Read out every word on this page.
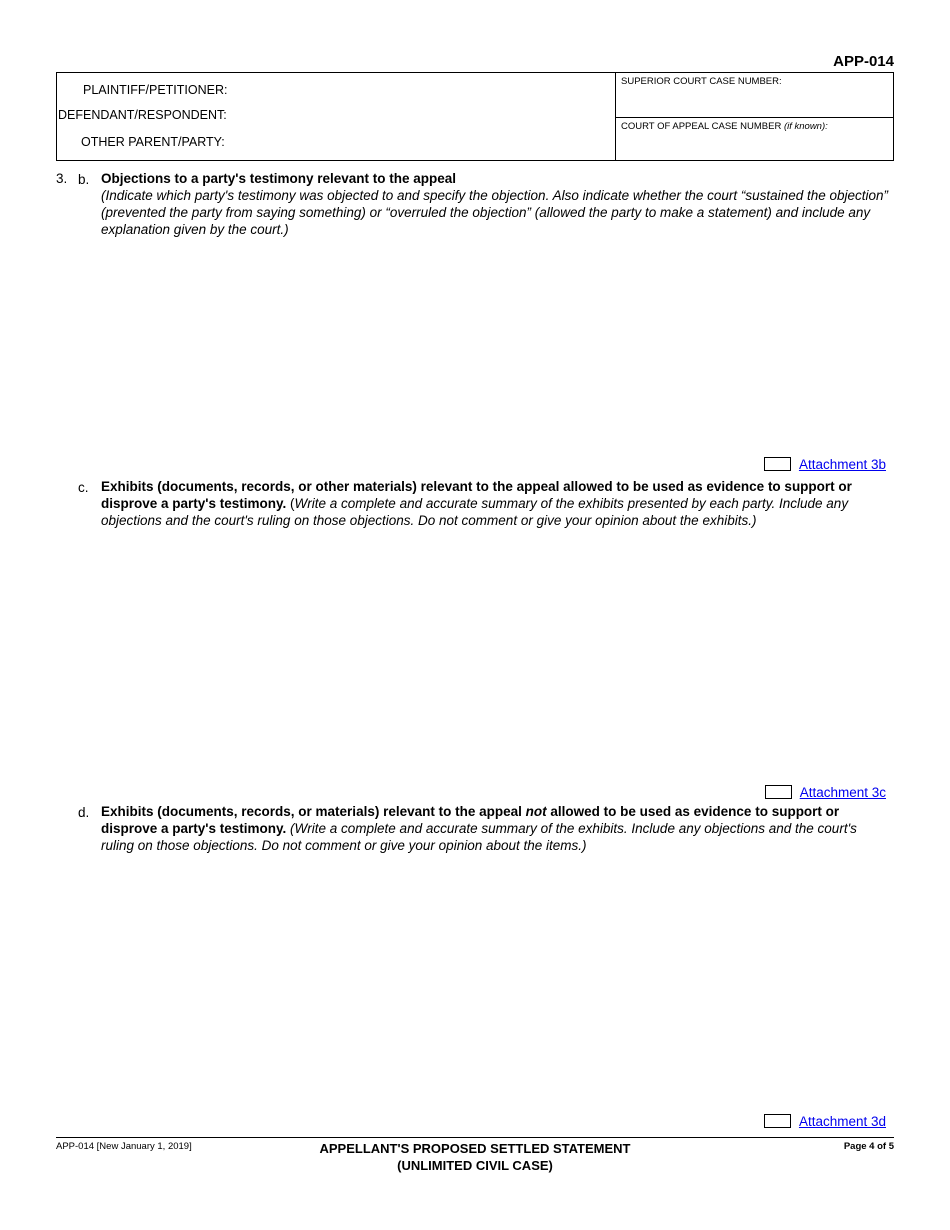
APP-014
PLAINTIFF/PETITIONER:
DEFENDANT/RESPONDENT:
OTHER PARENT/PARTY:
SUPERIOR COURT CASE NUMBER:
COURT OF APPEAL CASE NUMBER (if known):
3. b. Objections to a party's testimony relevant to the appeal
(Indicate which party's testimony was objected to and specify the objection. Also indicate whether the court “sustained the objection” (prevented the party from saying something) or “overruled the objection” (allowed the party to make a statement) and include any explanation given by the court.)
Attachment 3b
c. Exhibits (documents, records, or other materials) relevant to the appeal allowed to be used as evidence to support or disprove a party's testimony. (Write a complete and accurate summary of the exhibits presented by each party. Include any objections and the court's ruling on those objections. Do not comment or give your opinion about the exhibits.)
Attachment 3c
d. Exhibits (documents, records, or materials) relevant to the appeal not allowed to be used as evidence to support or disprove a party's testimony. (Write a complete and accurate summary of the exhibits. Include any objections and the court's ruling on those objections. Do not comment or give your opinion about the items.)
Attachment 3d
APP-014 [New January 1, 2019]	APPELLANT'S PROPOSED SETTLED STATEMENT
(UNLIMITED CIVIL CASE)
Page 4 of 5
